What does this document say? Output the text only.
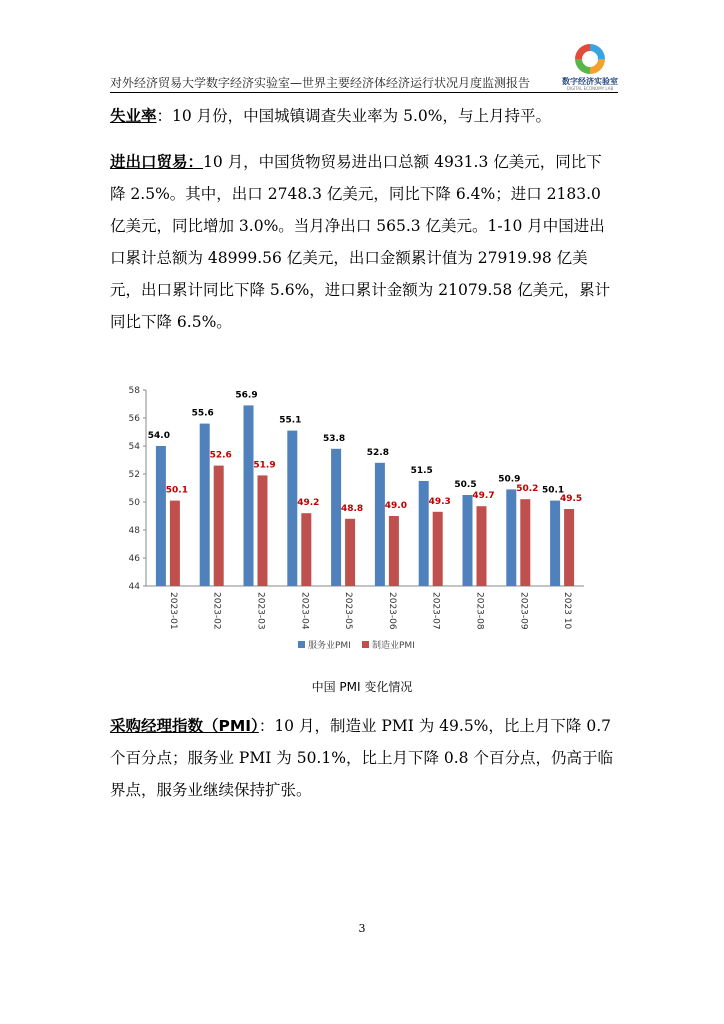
数字经济实验室
DIGITAL ECONOMY LAB
对外经济贸易大学数字经济实验室—世界主要经济体经济运行状况月度监测报告

失业率：10 月份，中国城镇调查失业率为 5.0%，与上月持平。

进出口贸易：10 月，中国货物贸易进出口总额 4931.3 亿美元，同比下降 2.5%。其中，出口 2748.3 亿美元，同比下降 6.4%；进口 2183.0 亿美元，同比增加 3.0%。当月净出口 565.3 亿美元。1-10 月中国进出口累计总额为 48999.56 亿美元，出口金额累计值为 27919.98 亿美元，出口累计同比下降 5.6%，进口累计金额为 21079.58 亿美元，累计同比下降 6.5%。

44
46
48
50
52
54
56
58
54.0
50.1
2023-01
55.6
52.6
2023-02
56.9
51.9
2023-03
55.1
49.2
2023-04
53.8
48.8
2023-05
52.8
49.0
2023-06
51.5
49.3
2023-07
50.5
49.7
2023-08
50.9
50.2
2023-09
50.1
49.5
2023 10
服务业PMI 制造业PMI
中国 PMI 变化情况

采购经理指数（PMI）：10 月，制造业 PMI 为 49.5%，比上月下降 0.7 个百分点；服务业 PMI 为 50.1%，比上月下降 0.8 个百分点，仍高于临界点，服务业继续保持扩张。

3
